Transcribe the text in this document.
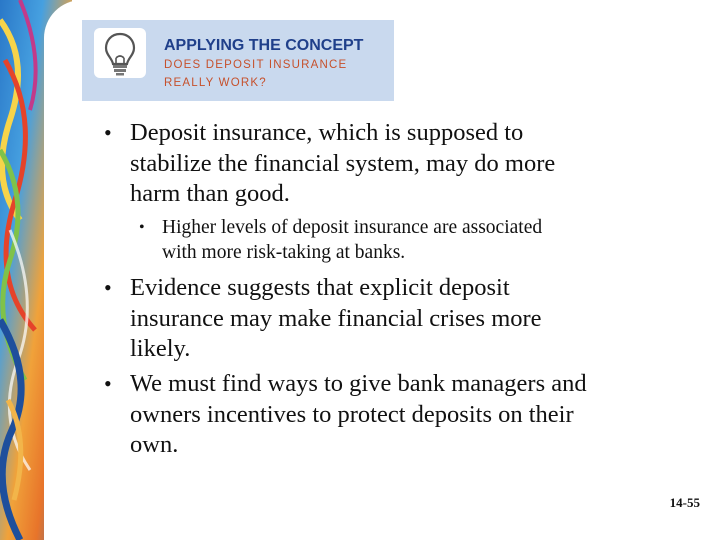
APPLYING THE CONCEPT
DOES DEPOSIT INSURANCE
REALLY WORK?
• Deposit insurance, which is supposed to
stabilize the financial system, may do more
harm than good.
• Higher levels of deposit insurance are associated
with more risk-taking at banks.
• Evidence suggests that explicit deposit
insurance may make financial crises more
likely.
• We must find ways to give bank managers and
owners incentives to protect deposits on their
own.
14-55
